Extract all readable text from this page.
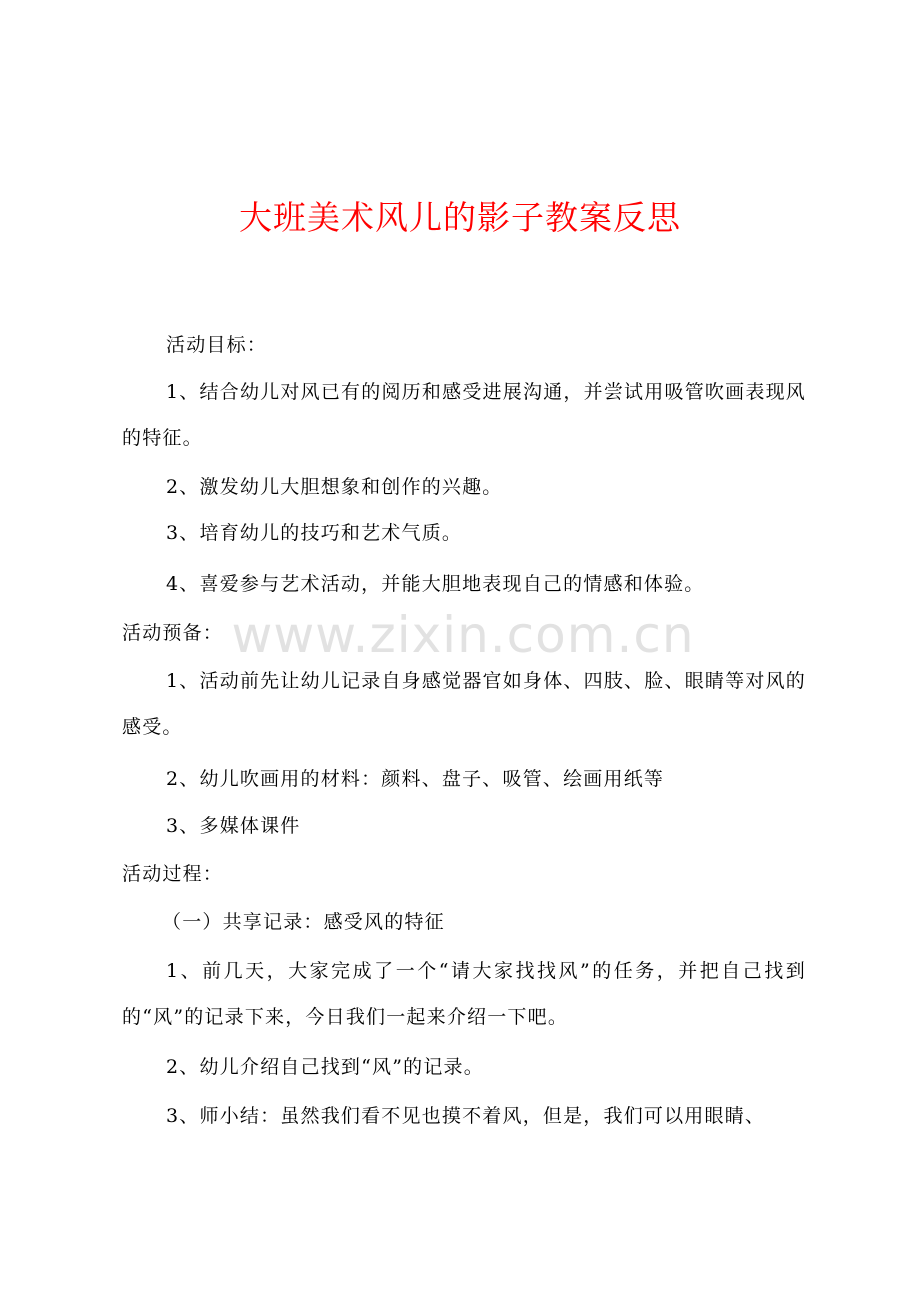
大班美术风儿的影子教案反思
www.zixin.com.cn
活动目标：
1、结合幼儿对风已有的阅历和感受进展沟通，并尝试用吸管吹画表现风的特征。
2、激发幼儿大胆想象和创作的兴趣。
3、培育幼儿的技巧和艺术气质。
4、喜爱参与艺术活动，并能大胆地表现自己的情感和体验。
活动预备：
1、活动前先让幼儿记录自身感觉器官如身体、四肢、脸、眼睛等对风的感受。
2、幼儿吹画用的材料：颜料、盘子、吸管、绘画用纸等
3、多媒体课件
活动过程：
（一）共享记录：感受风的特征
1、前几天，大家完成了一个“请大家找找风”的任务，并把自己找到的“风”的记录下来，今日我们一起来介绍一下吧。
2、幼儿介绍自己找到“风”的记录。
3、师小结：虽然我们看不见也摸不着风，但是，我们可以用眼睛、
